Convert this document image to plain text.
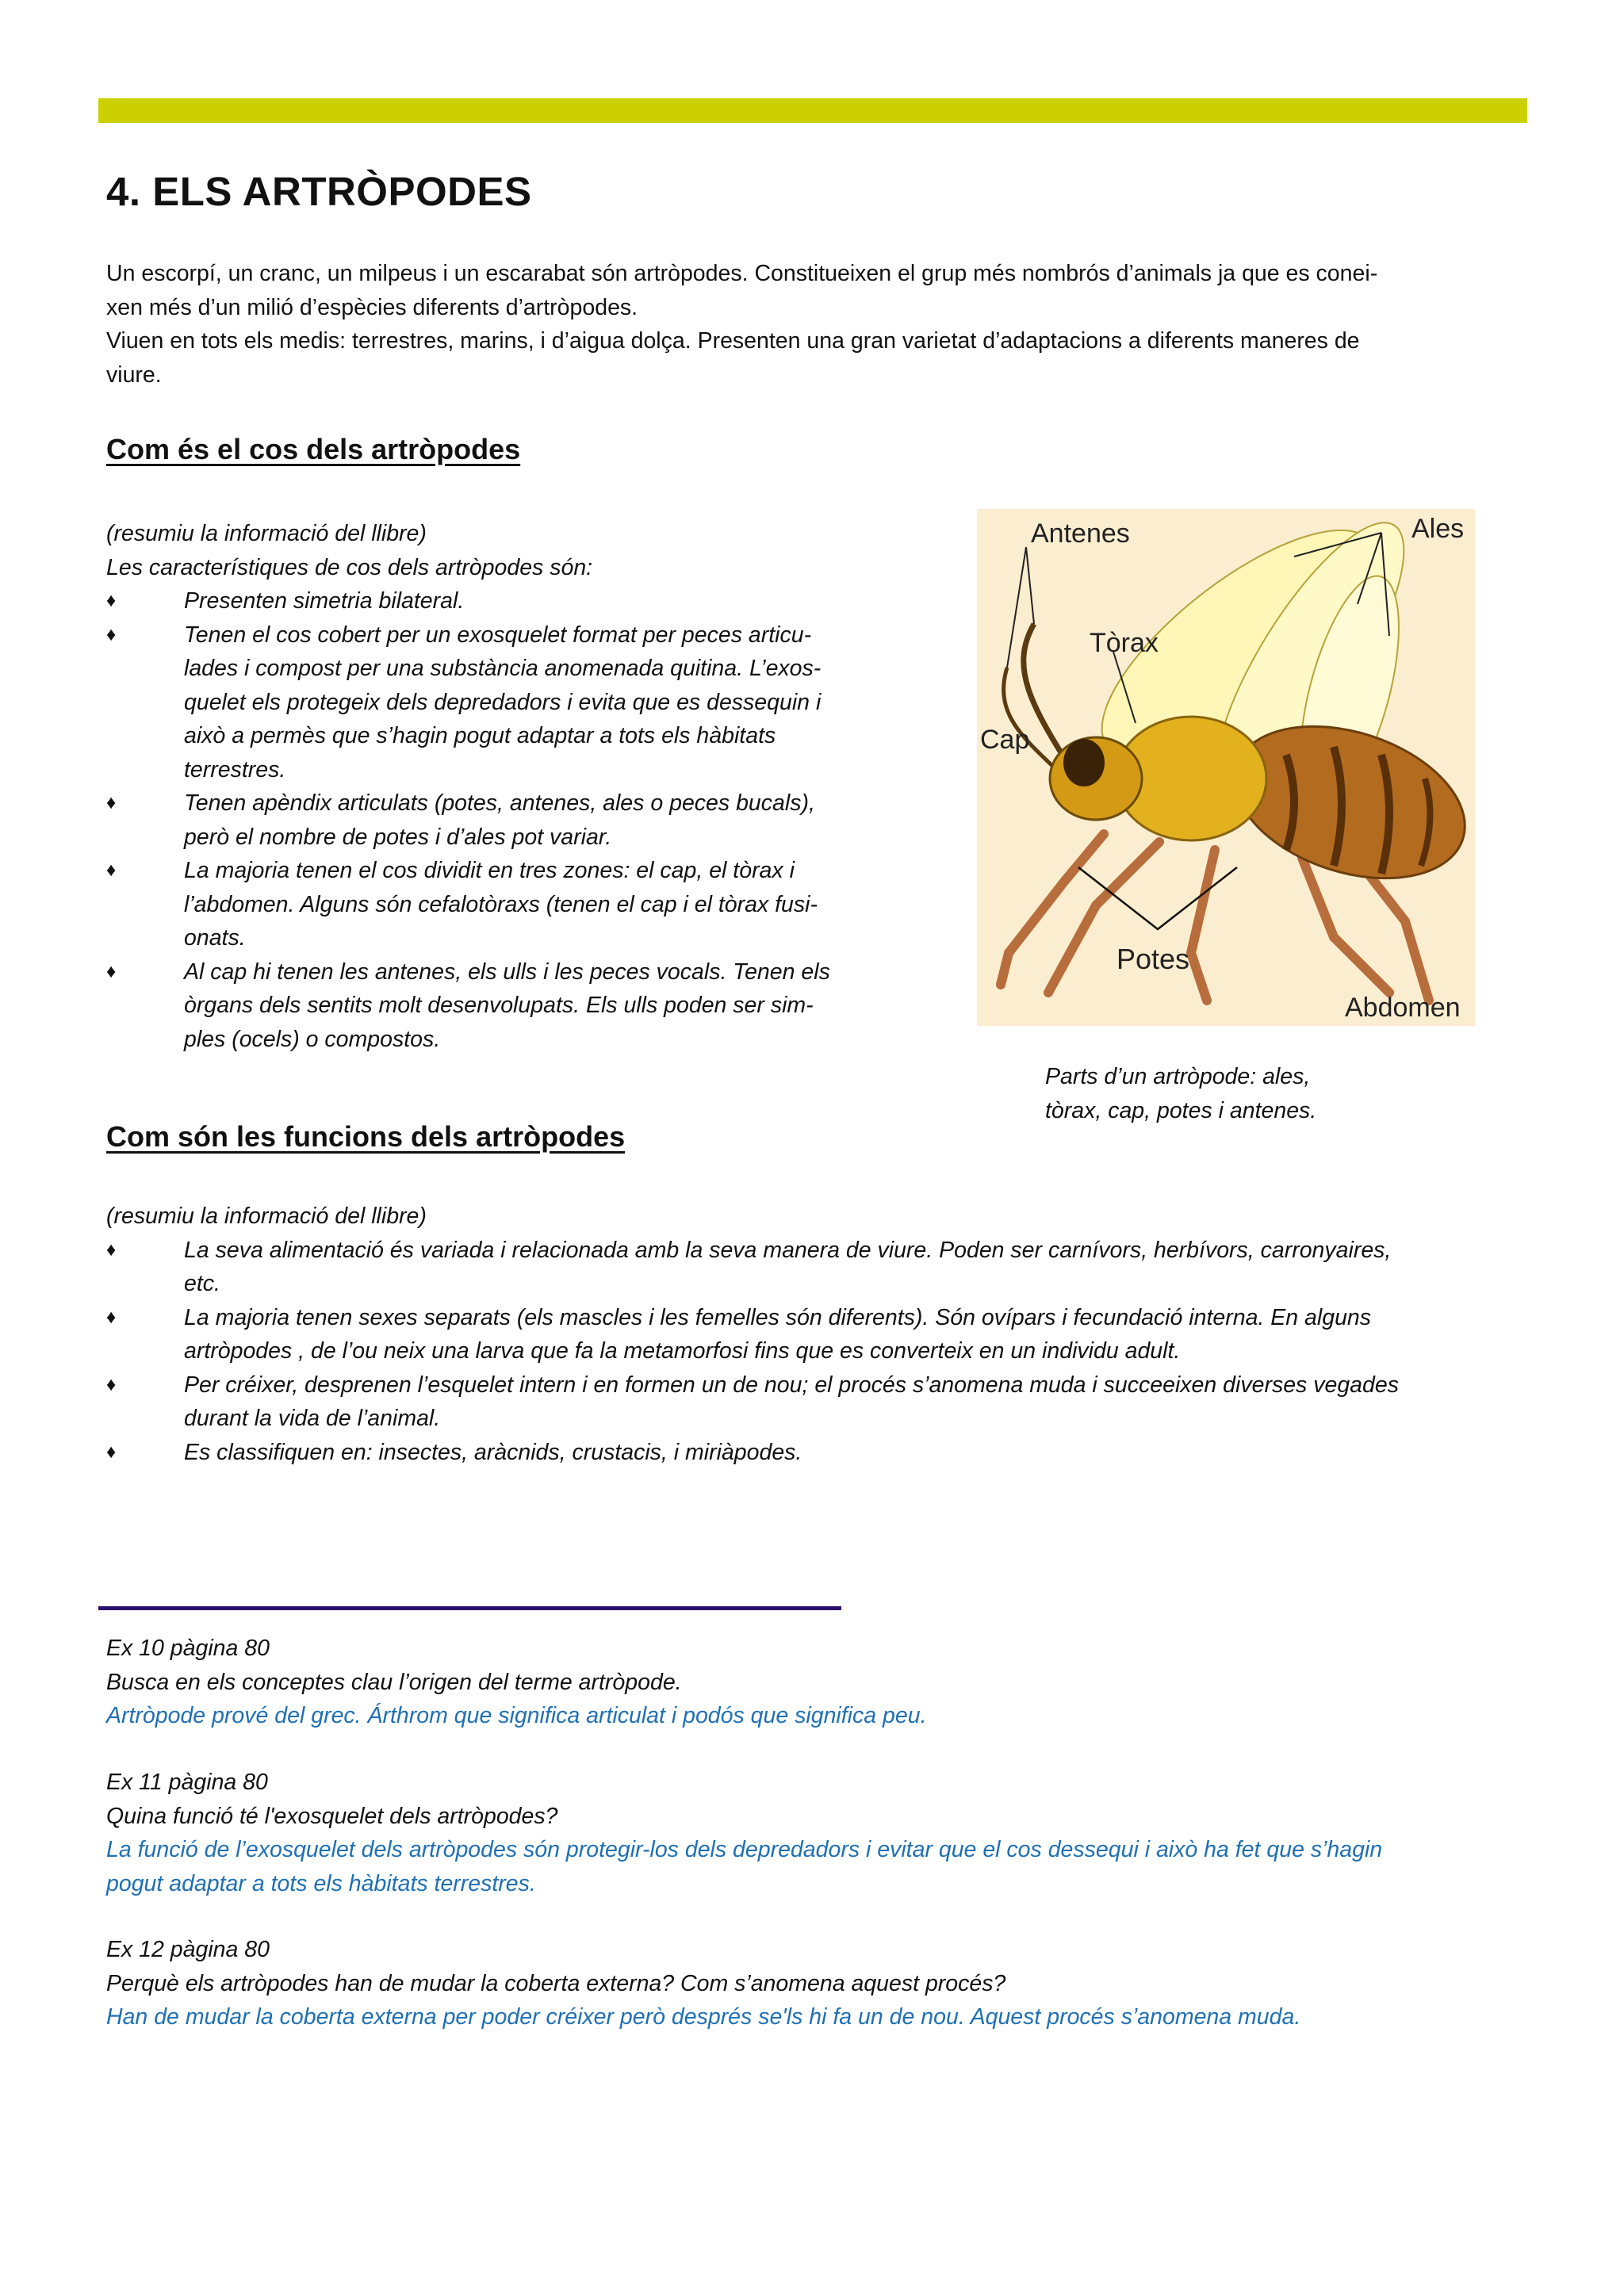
4. ELS ARTRÒPODES

Un escorpí, un cranc, un milpeus i un escarabat són artròpodes. Constitueixen el grup més nombrós d’animals ja que es conei-

xen més d’un milió d’espècies diferents d’artròpodes.

Viuen en tots els medis: terrestres, marins, i d’aigua dolça. Presenten una gran varietat d’adaptacions a diferents maneres de

viure.

Com és el cos dels artròpodes

(resumiu la informació del llibre)

Les característiques de cos dels artròpodes són:

♦	Presenten simetria bilateral.
♦	Tenen el cos cobert per un exosquelet format per peces articu-
lades i compost per una substància anomenada quitina. L’exos-
quelet els protegeix dels depredadors i evita que es dessequin i
això a permès que s’hagin pogut adaptar a tots els hàbitats
terrestres.
♦	Tenen apèndix articulats (potes, antenes, ales o peces bucals),
però el nombre de potes i d’ales pot variar.
♦	La majoria tenen el cos dividit en tres zones: el cap, el tòrax i
l’abdomen. Alguns són cefalotòraxs (tenen el cap i el tòrax fusi-
onats.
♦	Al cap hi tenen les antenes, els ulls i les peces vocals. Tenen els
òrgans dels sentits molt desenvolupats. Els ulls poden ser sim-
ples (ocels) o compostos.
Antenes	Ales
Tòrax
Cap
Potes
Abdomen

Parts d’un artròpode: ales,

tòrax, cap, potes i antenes.

Com són les funcions dels artròpodes

(resumiu la informació del llibre)

♦	La seva alimentació és variada i relacionada amb la seva manera de viure. Poden ser carnívors, herbívors, carronyaires,
etc.
♦	La majoria tenen sexes separats (els mascles i les femelles són diferents). Són ovípars i fecundació interna. En alguns
artròpodes , de l’ou neix una larva que fa la metamorfosi fins que es converteix en un individu adult.
♦	Per créixer, desprenen l’esquelet intern i en formen un de nou; el procés s’anomena muda i succeeixen diverses vegades
durant la vida de l’animal.
♦	Es classifiquen en: insectes, aràcnids, crustacis, i miriàpodes.

Ex 10 pàgina 80

Busca en els conceptes clau l’origen del terme artròpode.

Artròpode prové del grec. Árthrom que significa articulat i podós que significa peu.

Ex 11 pàgina 80

Quina funció té l'exosquelet dels artròpodes?

La funció de l’exosquelet dels artròpodes són protegir-los dels depredadors i evitar que el cos dessequi i això ha fet que s’hagin

pogut adaptar a tots els hàbitats terrestres.

Ex 12 pàgina 80

Perquè els artròpodes han de mudar la coberta externa? Com s’anomena aquest procés?

Han de mudar la coberta externa per poder créixer però després se'ls hi fa un de nou. Aquest procés s’anomena muda.
